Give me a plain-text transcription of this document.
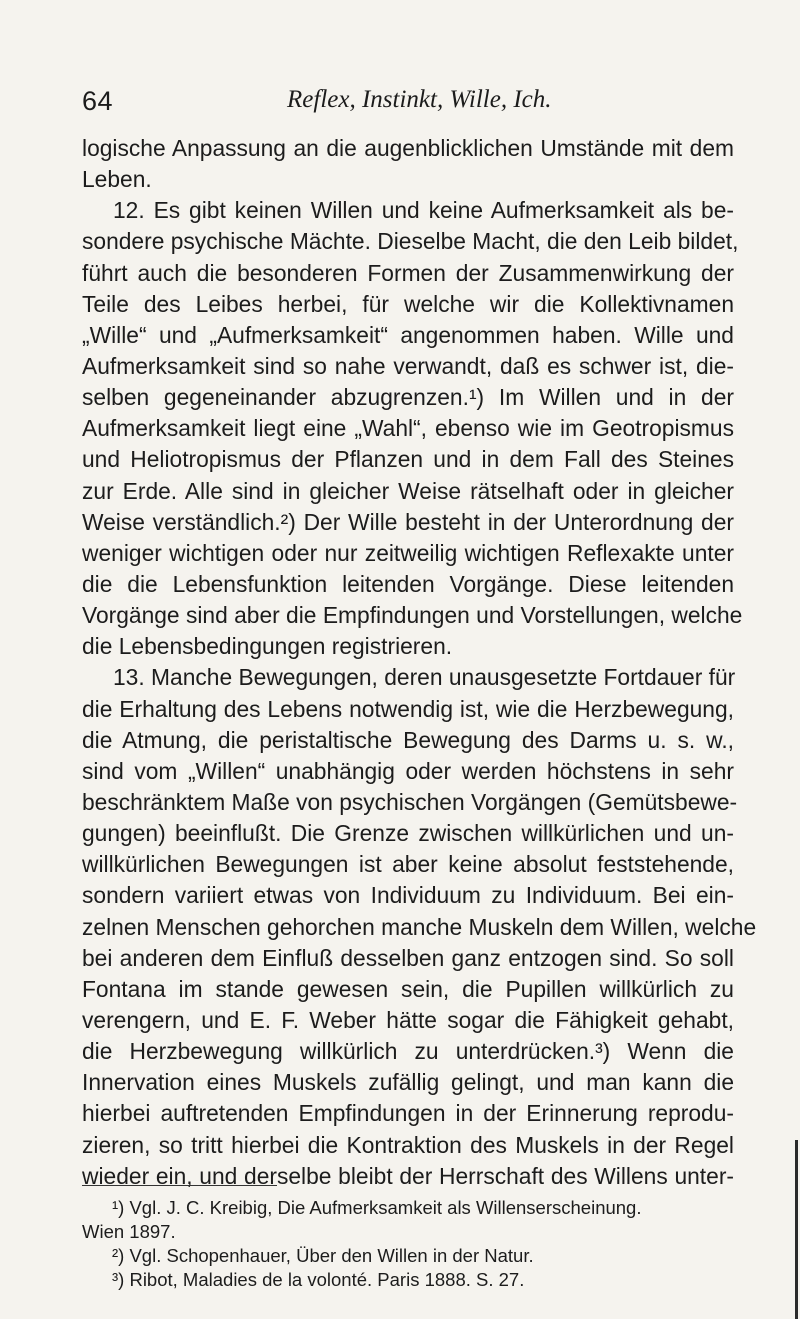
64	Reflex, Instinkt, Wille, Ich.
logische Anpassung an die augenblicklichen Umstände mit dem
Leben.
12. Es gibt keinen Willen und keine Aufmerksamkeit als be-
sondere psychische Mächte. Dieselbe Macht, die den Leib bildet,
führt auch die besonderen Formen der Zusammenwirkung der
Teile des Leibes herbei, für welche wir die Kollektivnamen
„Wille“ und „Aufmerksamkeit“ angenommen haben. Wille und
Aufmerksamkeit sind so nahe verwandt, daß es schwer ist, die-
selben gegeneinander abzugrenzen.¹) Im Willen und in der
Aufmerksamkeit liegt eine „Wahl“, ebenso wie im Geotropismus
und Heliotropismus der Pflanzen und in dem Fall des Steines
zur Erde. Alle sind in gleicher Weise rätselhaft oder in gleicher
Weise verständlich.²) Der Wille besteht in der Unterordnung der
weniger wichtigen oder nur zeitweilig wichtigen Reflexakte unter
die die Lebensfunktion leitenden Vorgänge. Diese leitenden
Vorgänge sind aber die Empfindungen und Vorstellungen, welche
die Lebensbedingungen registrieren.
13. Manche Bewegungen, deren unausgesetzte Fortdauer für
die Erhaltung des Lebens notwendig ist, wie die Herzbewegung,
die Atmung, die peristaltische Bewegung des Darms u. s. w.,
sind vom „Willen“ unabhängig oder werden höchstens in sehr
beschränktem Maße von psychischen Vorgängen (Gemütsbewe-
gungen) beeinflußt. Die Grenze zwischen willkürlichen und un-
willkürlichen Bewegungen ist aber keine absolut feststehende,
sondern variiert etwas von Individuum zu Individuum. Bei ein-
zelnen Menschen gehorchen manche Muskeln dem Willen, welche
bei anderen dem Einfluß desselben ganz entzogen sind. So soll
Fontana im stande gewesen sein, die Pupillen willkürlich zu
verengern, und E. F. Weber hätte sogar die Fähigkeit gehabt,
die Herzbewegung willkürlich zu unterdrücken.³) Wenn die
Innervation eines Muskels zufällig gelingt, und man kann die
hierbei auftretenden Empfindungen in der Erinnerung reprodu-
zieren, so tritt hierbei die Kontraktion des Muskels in der Regel
wieder ein, und derselbe bleibt der Herrschaft des Willens unter-
¹) Vgl. J. C. Kreibig, Die Aufmerksamkeit als Willenserscheinung.
Wien 1897.
²) Vgl. Schopenhauer, Über den Willen in der Natur.
³) Ribot, Maladies de la volonté. Paris 1888. S. 27.
